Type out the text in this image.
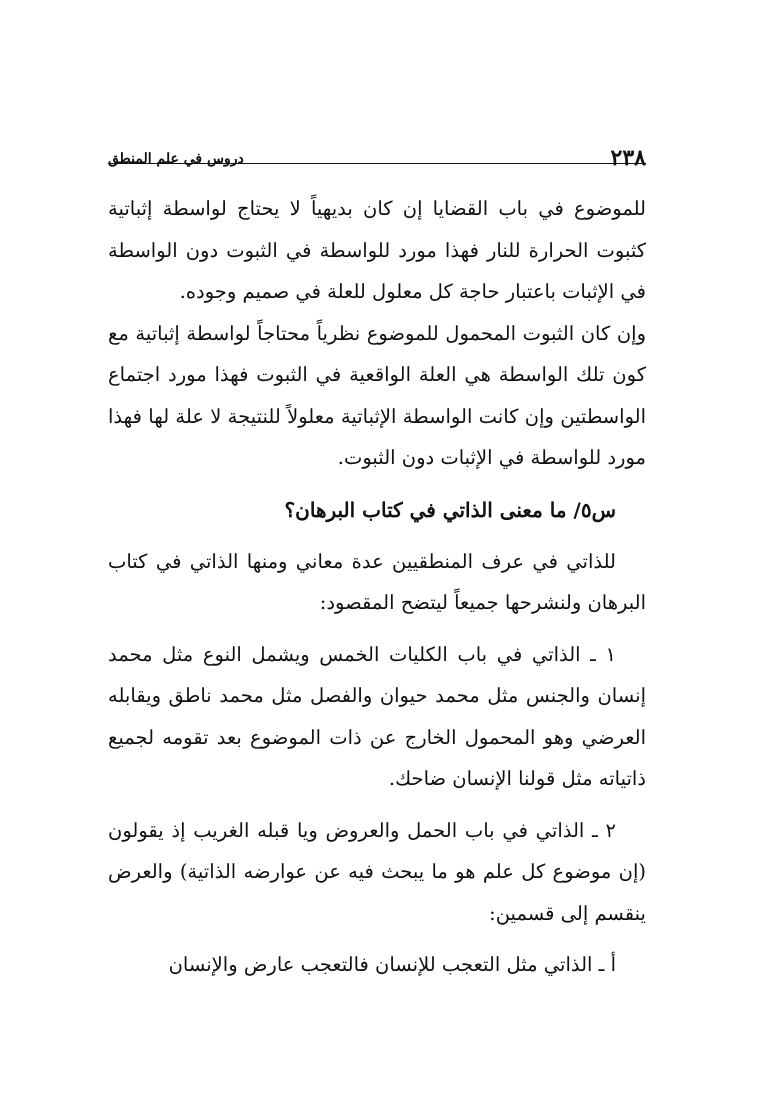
٢٣٨
دروس في علم المنطق

للموضوع في باب القضايا إن كان بديهياً لا يحتاج لواسطة إثباتية كثبوت الحرارة للنار فهذا مورد للواسطة في الثبوت دون الواسطة في الإثبات باعتبار حاجة كل معلول للعلة في صميم وجوده.

وإن كان الثبوت المحمول للموضوع نظرياً محتاجاً لواسطة إثباتية مع كون تلك الواسطة هي العلة الواقعية في الثبوت فهذا مورد اجتماع الواسطتين وإن كانت الواسطة الإثباتية معلولاً للنتيجة لا علة لها فهذا مورد للواسطة في الإثبات دون الثبوت.

س٥/ ما معنى الذاتي في كتاب البرهان؟

للذاتي في عرف المنطقيين عدة معاني ومنها الذاتي في كتاب البرهان ولنشرحها جميعاً ليتضح المقصود:

١ ـ الذاتي في باب الكليات الخمس ويشمل النوع مثل محمد إنسان والجنس مثل محمد حيوان والفصل مثل محمد ناطق ويقابله العرضي وهو المحمول الخارج عن ذات الموضوع بعد تقومه لجميع ذاتياته مثل قولنا الإنسان ضاحك.

٢ ـ الذاتي في باب الحمل والعروض ويا قبله الغريب إذ يقولون (إن موضوع كل علم هو ما يبحث فيه عن عوارضه الذاتية) والعرض ينقسم إلى قسمين:

أ ـ الذاتي مثل التعجب للإنسان فالتعجب عارض والإنسان
